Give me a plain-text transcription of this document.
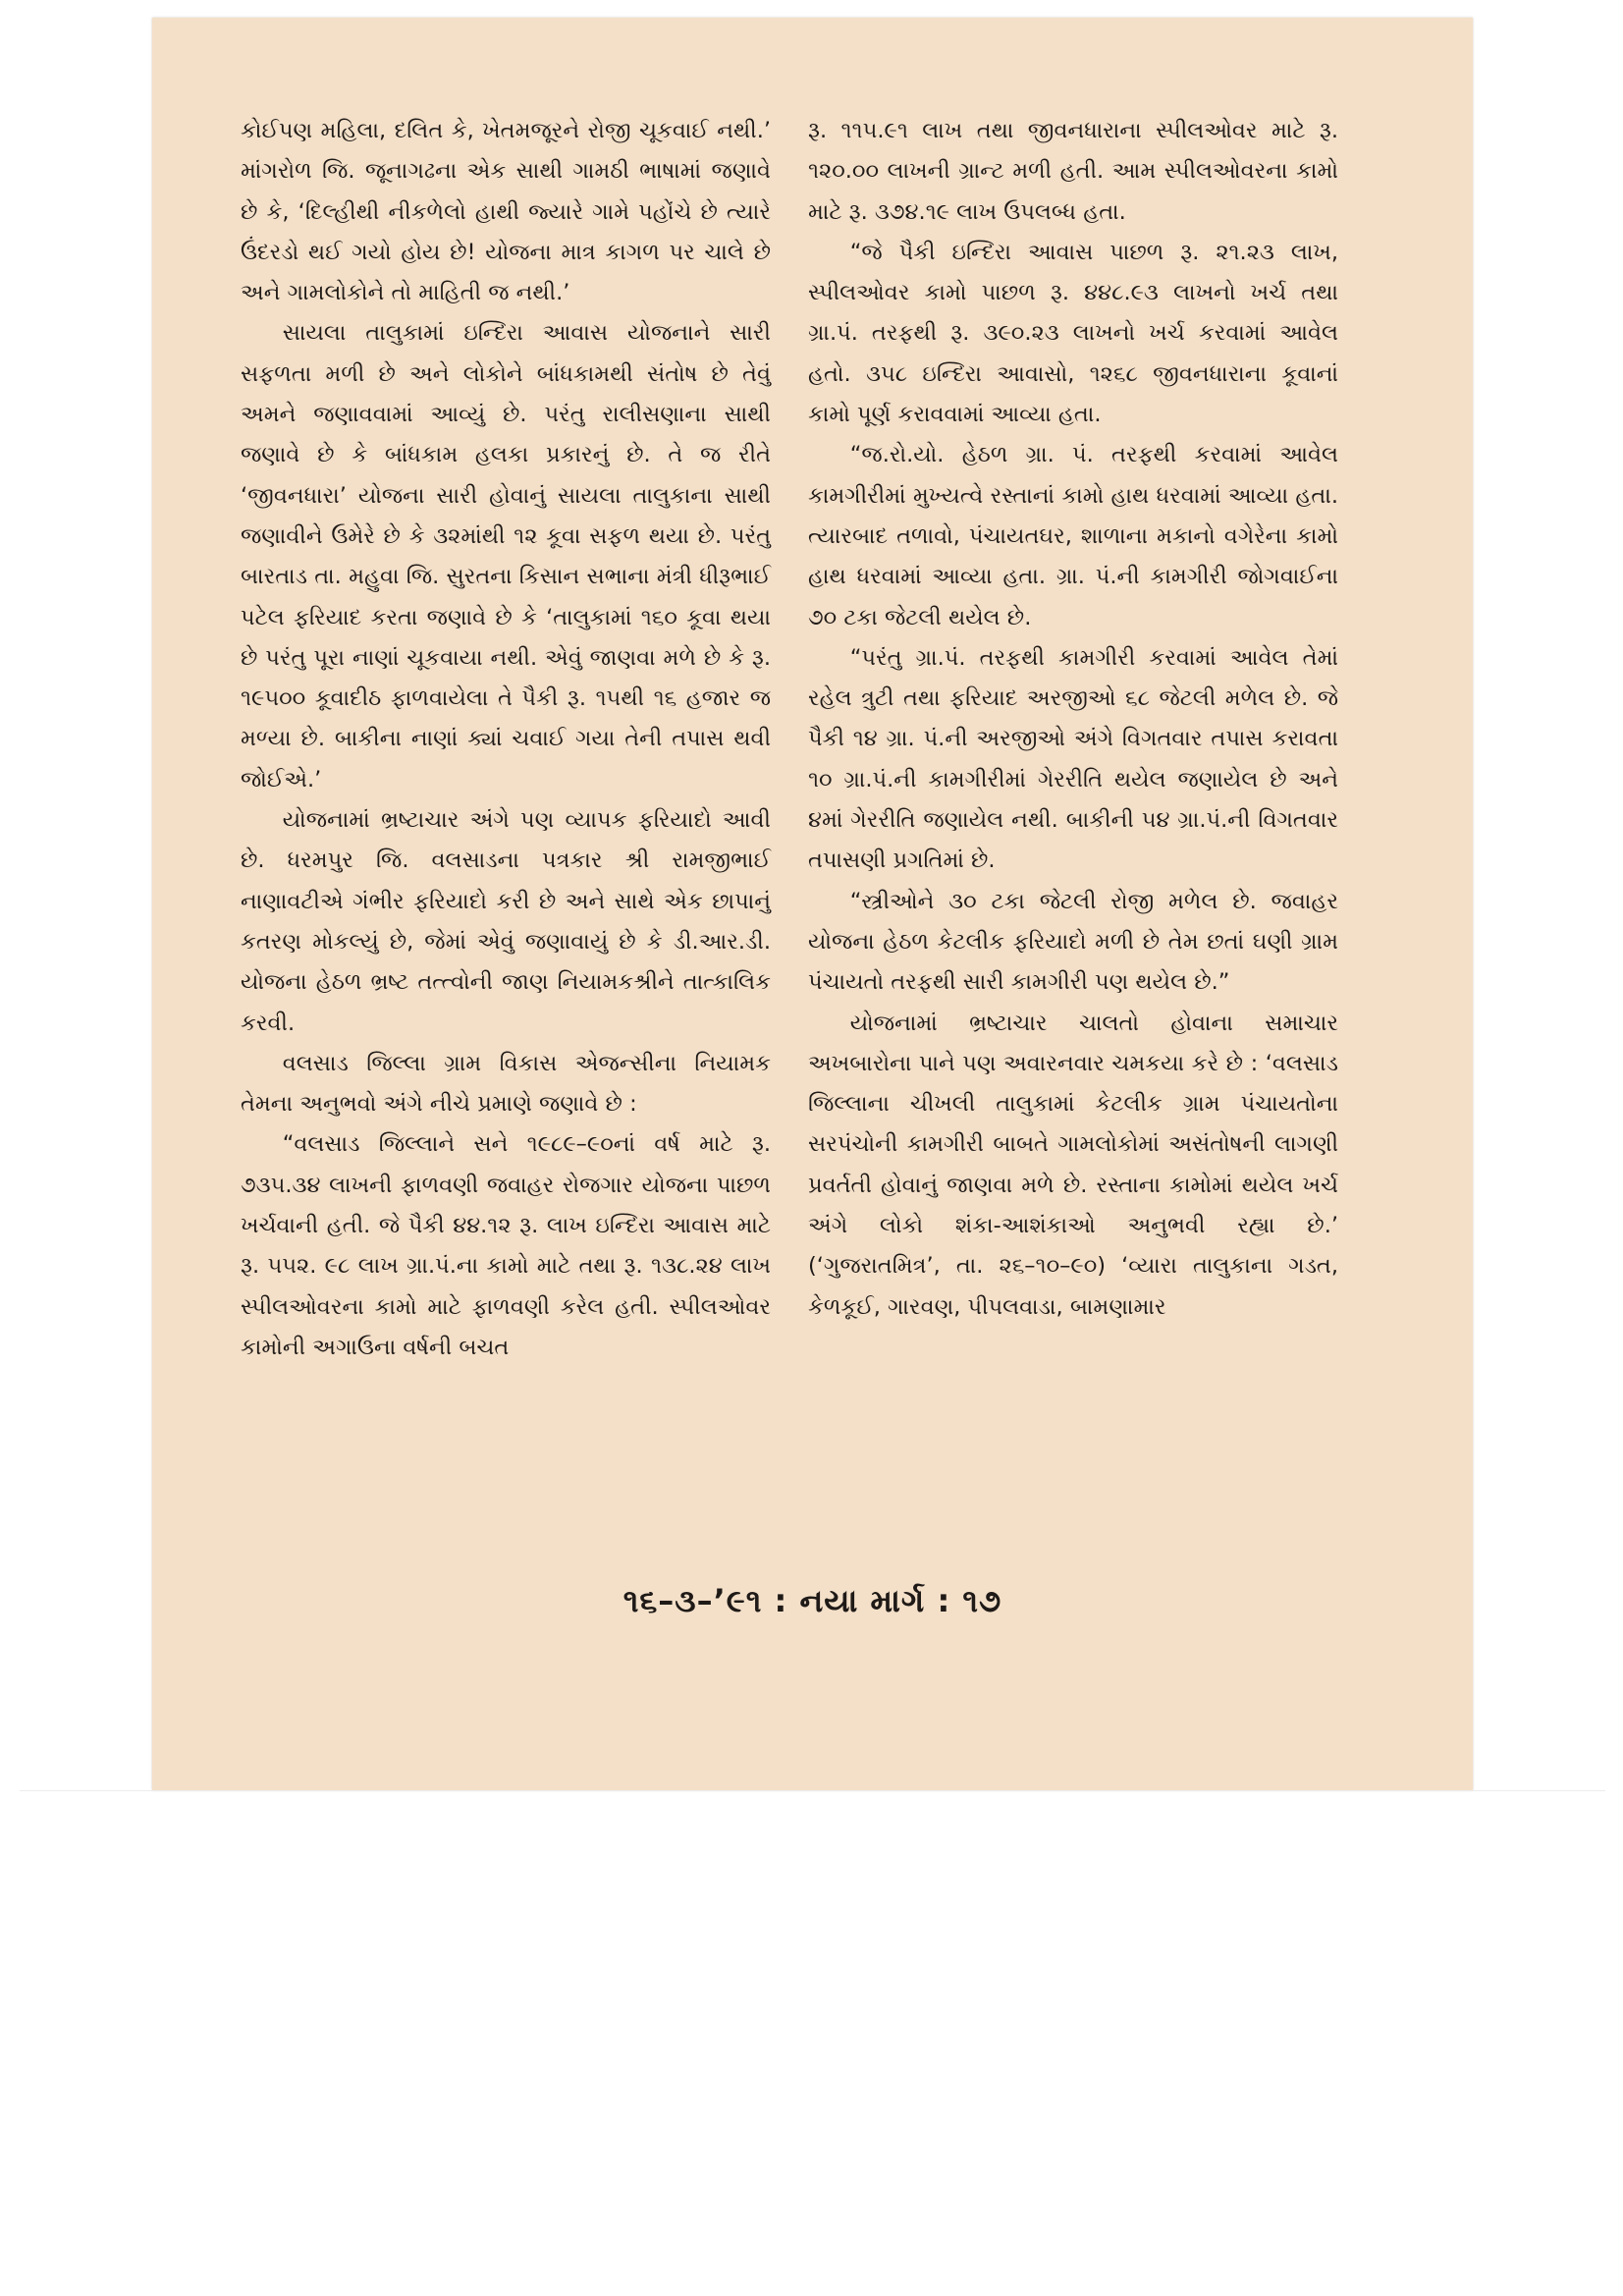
કોઈપણ મહિલા, દલિત કે, ખેતમજૂરને રોજી ચૂકવાઈ નથી.’ માંગરોળ જિ. જૂનાગઢના એક સાથી ગામઠી ભાષામાં જણાવે છે કે, ‘દિલ્હીથી નીકળેલો હાથી જ્યારે ગામે પહોંચે છે ત્યારે ઉંદરડો થઈ ગયો હોય છે! યોજના માત્ર કાગળ પર ચાલે છે અને ગામલોકોને તો માહિતી જ નથી.’

સાયલા તાલુકામાં ઇન્દિરા આવાસ યોજનાને સારી સફળતા મળી છે અને લોકોને બાંધકામથી સંતોષ છે તેવું અમને જણાવવામાં આવ્યું છે. પરંતુ રાલીસણાના સાથી જણાવે છે કે બાંધકામ હલકા પ્રકારનું છે. તે જ રીતે ‘જીવનધારા’ યોજના સારી હોવાનું સાયલા તાલુકાના સાથી જણાવીને ઉમેરે છે કે ૩૨માંથી ૧૨ કૂવા સફળ થયા છે. પરંતુ બારતાડ તા. મહુવા જિ. સુરતના કિસાન સભાના મંત્રી ધીરૂભાઈ પટેલ ફરિયાદ કરતા જણાવે છે કે ‘તાલુકામાં ૧૬૦ કૂવા થયા છે પરંતુ પૂરા નાણાં ચૂકવાયા નથી. એવું જાણવા મળે છે કે રૂ. ૧૯૫૦૦ કૂવાદીઠ ફાળવાયેલા તે પૈકી રૂ. ૧૫થી ૧૬ હજાર જ મળ્યા છે. બાકીના નાણાં ક્યાં ચવાઈ ગયા તેની તપાસ થવી જોઈએ.’

યોજનામાં ભ્રષ્ટાચાર અંગે પણ વ્યાપક ફરિયાદો આવી છે. ધરમપુર જિ. વલસાડના પત્રકાર શ્રી રામજીભાઈ નાણાવટીએ ગંભીર ફરિયાદો કરી છે અને સાથે એક છાપાનું કતરણ મોકલ્યું છે, જેમાં એવું જણાવાયું છે કે ડી.આર.ડી. યોજના હેઠળ ભ્રષ્ટ તત્ત્વોની જાણ નિયામકશ્રીને તાત્કાલિક કરવી.

વલસાડ જિલ્લા ગ્રામ વિકાસ એજન્સીના નિયામક તેમના અનુભવો અંગે નીચે પ્રમાણે જણાવે છે :

“વલસાડ જિલ્લાને સને ૧૯૮૯–૯૦નાં વર્ષ માટે રૂ. ૭૩૫.૩૪ લાખની ફાળવણી જવાહર રોજગાર યોજના પાછળ ખર્ચવાની હતી. જે પૈકી ૪૪.૧૨ રૂ. લાખ ઇન્દિરા આવાસ માટે રૂ. ૫૫૨. ૯૮ લાખ ગ્રા.પં.ના કામો માટે તથા રૂ. ૧૩૮.૨૪ લાખ સ્પીલઓવરના કામો માટે ફાળવણી કરેલ હતી. સ્પીલઓવર કામોની અગાઉના વર્ષની બચત

રૂ. ૧૧૫.૯૧ લાખ તથા જીવનધારાના સ્પીલઓવર માટે રૂ. ૧૨૦.૦૦ લાખની ગ્રાન્ટ મળી હતી. આમ સ્પીલઓવરના કામો માટે રૂ. ૩૭૪.૧૯ લાખ ઉપલબ્ધ હતા.

“જે પૈકી ઇન્દિરા આવાસ પાછળ રૂ. ૨૧.૨૩ લાખ, સ્પીલઓવર કામો પાછળ રૂ. ૪૪૮.૯૩ લાખનો ખર્ચ તથા ગ્રા.પં. તરફથી રૂ. ૩૯૦.૨૩ લાખનો ખર્ચ કરવામાં આવેલ હતો. ૩૫૮ ઇન્દિરા આવાસો, ૧૨૬૮ જીવનધારાના કૂવાનાં કામો પૂર્ણ કરાવવામાં આવ્યા હતા.

“જ.રો.યો. હેઠળ ગ્રા. પં. તરફથી કરવામાં આવેલ કામગીરીમાં મુખ્યત્વે રસ્તાનાં કામો હાથ ધરવામાં આવ્યા હતા. ત્યારબાદ તળાવો, પંચાયતઘર, શાળાના મકાનો વગેરેના કામો હાથ ધરવામાં આવ્યા હતા. ગ્રા. પં.ની કામગીરી જોગવાઈના ૭૦ ટકા જેટલી થયેલ છે.

“પરંતુ ગ્રા.પં. તરફથી કામગીરી કરવામાં આવેલ તેમાં રહેલ ત્રુટી તથા ફરિયાદ અરજીઓ ૬૮ જેટલી મળેલ છે. જે પૈકી ૧૪ ગ્રા. પં.ની અરજીઓ અંગે વિગતવાર તપાસ કરાવતા ૧૦ ગ્રા.પં.ની કામગીરીમાં ગેરરીતિ થયેલ જણાયેલ છે અને ૪માં ગેરરીતિ જણાયેલ નથી. બાકીની ૫૪ ગ્રા.પં.ની વિગતવાર તપાસણી પ્રગતિમાં છે.

“સ્ત્રીઓને ૩૦ ટકા જેટલી રોજી મળેલ છે. જવાહર યોજના હેઠળ કેટલીક ફરિયાદો મળી છે તેમ છતાં ઘણી ગ્રામ પંચાયતો તરફથી સારી કામગીરી પણ થયેલ છે.”

યોજનામાં ભ્રષ્ટાચાર ચાલતો હોવાના સમાચાર અખબારોના પાને પણ અવારનવાર ચમકયા કરે છે : ‘વલસાડ જિલ્લાના ચીખલી તાલુકામાં કેટલીક ગ્રામ પંચાયતોના સરપંચોની કામગીરી બાબતે ગામલોકોમાં અસંતોષની લાગણી પ્રવર્તતી હોવાનું જાણવા મળે છે. રસ્તાના કામોમાં થયેલ ખર્ચ અંગે લોકો શંકા-આશંકાઓ અનુભવી રહ્યા છે.’ (‘ગુજરાતમિત્ર’, તા. ૨૬–૧૦–૯૦) ‘વ્યારા તાલુકાના ગડત, કેળકૂઈ, ગારવણ, પીપલવાડા, બામણામાર

૧૬–૩–’૯૧ : નયા માર્ગ : ૧૭
